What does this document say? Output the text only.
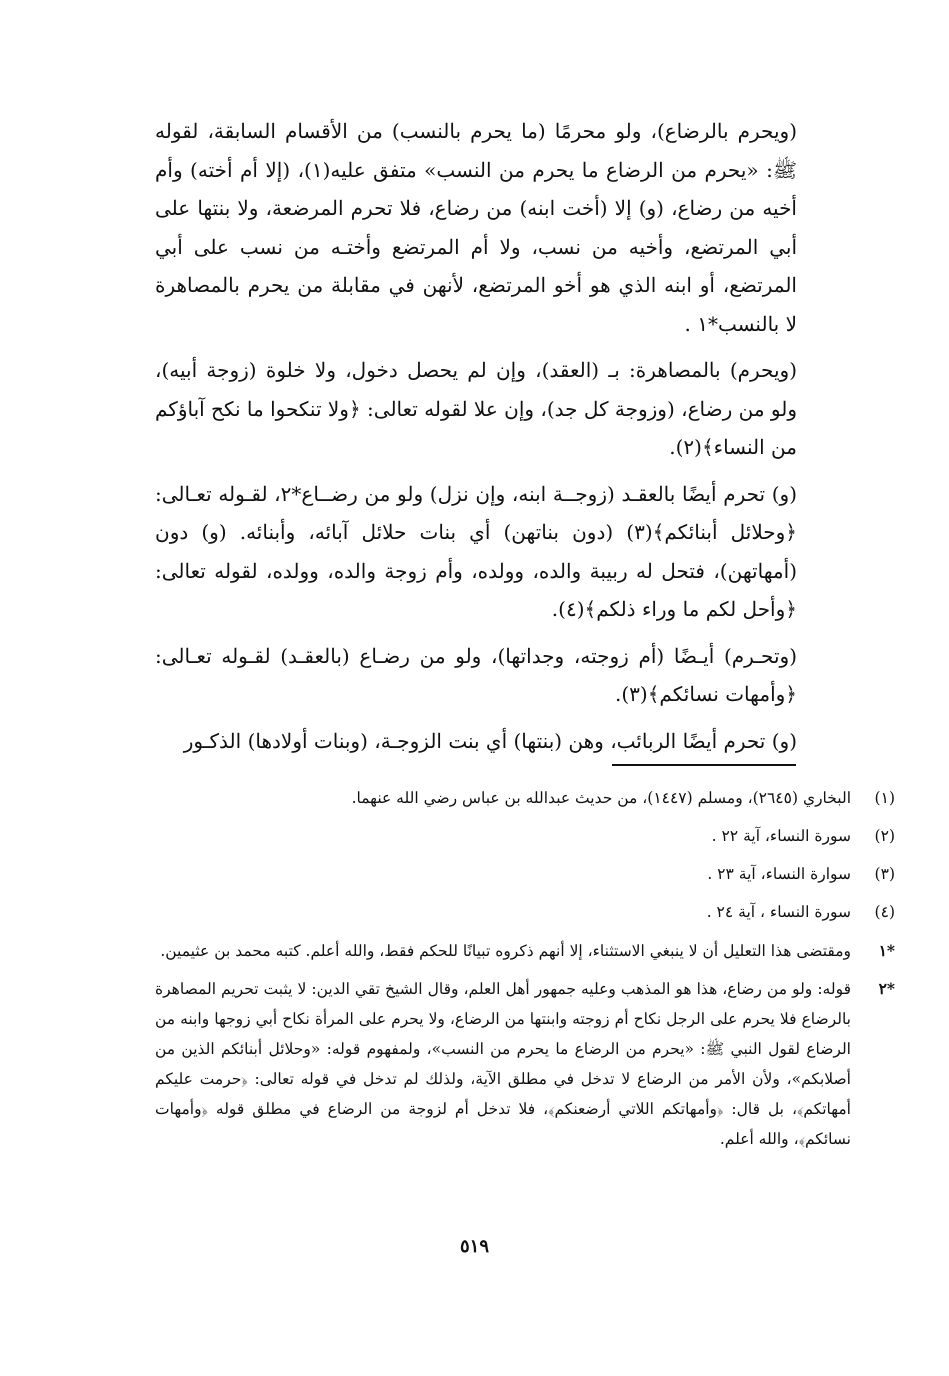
(ويحرم بالرضاع)، ولو محرمًا (ما يحرم بالنسب) من الأقسام السابقة، لقوله ﷺ: «يحرم من الرضاع ما يحرم من النسب» متفق عليه(١)، (إلا أم أخته) وأم أخيه من رضاع، (و) إلا (أخت ابنه) من رضاع، فلا تحرم المرضعة، ولا بنتها على أبي المرتضع، وأخيه من نسب، ولا أم المرتضع وأختـه من نسب على أبي المرتضع، أو ابنه الذي هو أخو المرتضع، لأنهن في مقابلة من يحرم بالمصاهرة لا بالنسب*١ .

(ويحرم) بالمصاهرة: بـ (العقد)، وإن لم يحصل دخول، ولا خلوة (زوجة أبيه)، ولو من رضاع، (وزوجة كل جد)، وإن علا لقوله تعالى: ﴿ولا تنكحوا ما نكح آباؤكم من النساء﴾(٢).

(و) تحرم أيضًا بالعقـد (زوجــة ابنه، وإن نزل) ولو من رضــاع*٢، لقـوله تعـالى: ﴿وحلائل أبنائكم﴾(٣) (دون بناتهن) أي بنات حلائل آبائه، وأبنائه. (و) دون (أمهاتهن)، فتحل له ربيبة والده، وولده، وأم زوجة والده، وولده، لقوله تعالى: ﴿وأحل لكم ما وراء ذلكم﴾(٤).

(وتحـرم) أيـضًا (أم زوجته، وجداتها)، ولو من رضـاع (بالعقـد) لقـوله تعـالى: ﴿وأمهات نسائكم﴾(٣).

(و) تحرم أيضًا الربائب، وهن (بنتها) أي بنت الزوجـة، (وبنات أولادها) الذكـور

(١)
البخاري (٢٦٤٥)، ومسلم (١٤٤٧)، من حديث عبدالله بن عباس رضي الله عنهما.
(٢)
سورة النساء، آية ٢٢ .
(٣)
سوارة النساء، آية ٢٣ .
(٤)
سورة النساء ، آية ٢٤ .
*١
ومقتضى هذا التعليل أن لا ينبغي الاستثناء، إلا أنهم ذكروه تبيانًا للحكم فقط، والله أعلم. كتبه محمد بن عثيمين.
*٢
قوله: ولو من رضاع، هذا هو المذهب وعليه جمهور أهل العلم، وقال الشيخ تقي الدين: لا يثبت تحريم المصاهرة بالرضاع فلا يحرم على الرجل نكاح أم زوجته وابنتها من الرضاع، ولا يحرم على المرأة نكاح أبي زوجها وابنه من الرضاع لقول النبي ﷺ: «يحرم من الرضاع ما يحرم من النسب»، ولمفهوم قوله: «وحلائل أبنائكم الذين من أصلابكم»، ولأن الأمر من الرضاع لا تدخل في مطلق الآية، ولذلك لم تدخل في قوله تعالى: ﴿حرمت عليكم أمهاتكم﴾، بل قال: ﴿وأمهاتكم اللاتي أرضعنكم﴾، فلا تدخل أم لزوجة من الرضاع في مطلق قوله ﴿وأمهات نسائكم﴾، والله أعلم.
٥١٩
